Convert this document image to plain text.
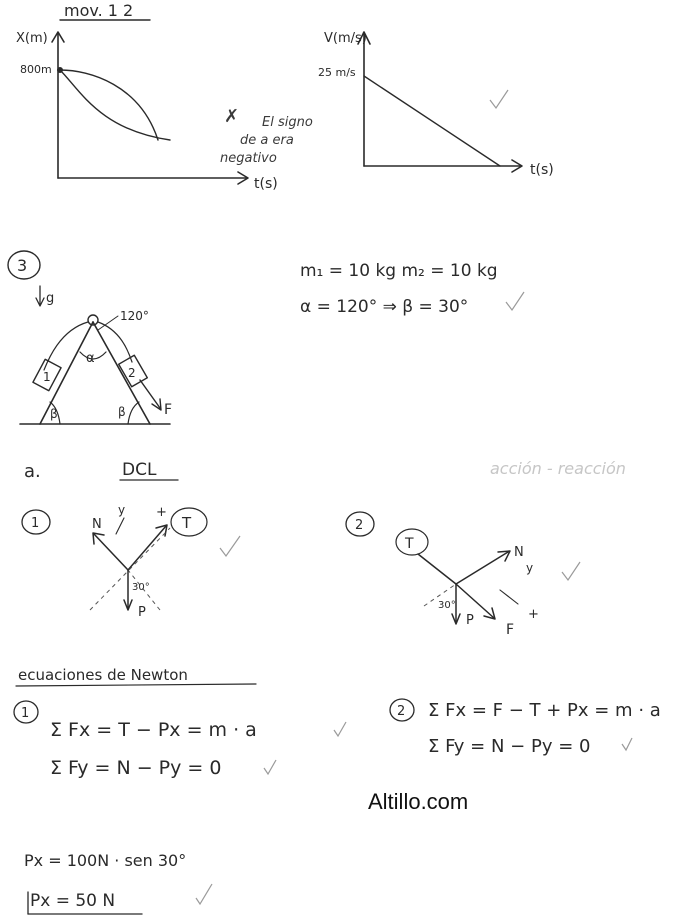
mov. 1 2
X(m)
800m
t(s)
✗ El signo
de a era
negativo
V(m/s)
25 m/s
t(s)
3
g
1	2
F
α
120°
β	β
m₁ = 10 kg m₂ = 10 kg
α = 120° ⇒ β = 30°
a.	DCL	acción - reacción
1	N
y +
T
30°
P
2
T
N
y
+
30°
P
F
ecuaciones de Newton
1
Σ Fx = T − Px = m · a
Σ Fy = N − Py = 0
2 Σ Fx = F − T + Px = m · a
Σ Fy = N − Py = 0
Altillo.com
Px = 100N · sen 30°
Px = 50 N
